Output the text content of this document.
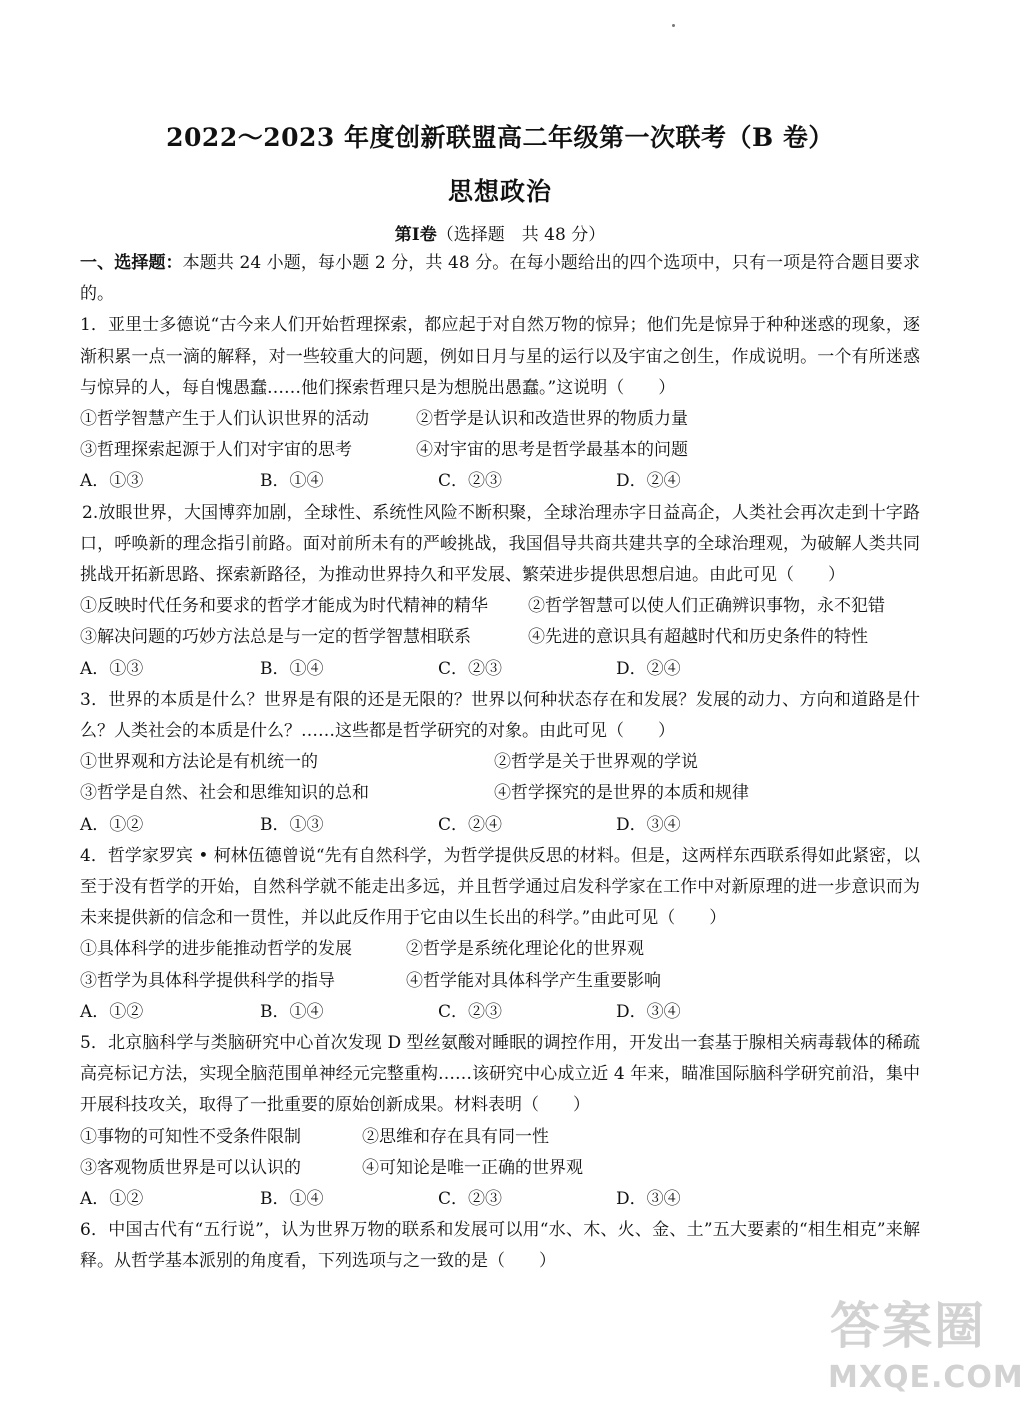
2022～2023 年度创新联盟高二年级第一次联考（B 卷）
思想政治
第Ⅰ卷（选择题　共 48 分）
一、选择题：本题共 24 小题，每小题 2 分，共 48 分。在每小题给出的四个选项中，只有一项是符合题目要求的。
1．亚里士多德说“古今来人们开始哲理探索，都应起于对自然万物的惊异；他们先是惊异于种种迷惑的现象，逐渐积累一点一滴的解释，对一些较重大的问题，例如日月与星的运行以及宇宙之创生，作成说明。一个有所迷惑与惊异的人，每自愧愚蠢……他们探索哲理只是为想脱出愚蠢。”这说明（　　）
①哲学智慧产生于人们认识世界的活动	②哲学是认识和改造世界的物质力量
③哲理探索起源于人们对宇宙的思考	④对宇宙的思考是哲学最基本的问题
A．①③	B．①④	C．②③	D．②④
2.放眼世界，大国博弈加剧，全球性、系统性风险不断积聚，全球治理赤字日益高企，人类社会再次走到十字路口，呼唤新的理念指引前路。面对前所未有的严峻挑战，我国倡导共商共建共享的全球治理观，为破解人类共同挑战开拓新思路、探索新路径，为推动世界持久和平发展、繁荣进步提供思想启迪。由此可见（　　）
①反映时代任务和要求的哲学才能成为时代精神的精华 ②哲学智慧可以使人们正确辨识事物，永不犯错
③解决问题的巧妙方法总是与一定的哲学智慧相联系	④先进的意识具有超越时代和历史条件的特性
A．①③	B．①④	C．②③	D．②④
3．世界的本质是什么？世界是有限的还是无限的？世界以何种状态存在和发展？发展的动力、方向和道路是什么？人类社会的本质是什么？……这些都是哲学研究的对象。由此可见（　　）
①世界观和方法论是有机统一的	②哲学是关于世界观的学说
③哲学是自然、社会和思维知识的总和	④哲学探究的是世界的本质和规律
A．①②	B．①③	C．②④	D．③④
4．哲学家罗宾 • 柯林伍德曾说“先有自然科学，为哲学提供反思的材料。但是，这两样东西联系得如此紧密，以至于没有哲学的开始，自然科学就不能走出多远，并且哲学通过启发科学家在工作中对新原理的进一步意识而为未来提供新的信念和一贯性，并以此反作用于它由以生长出的科学。”由此可见（　　）
①具体科学的进步能推动哲学的发展	②哲学是系统化理论化的世界观
③哲学为具体科学提供科学的指导	④哲学能对具体科学产生重要影响
A．①②	B．①④	C．②③	D．③④
5．北京脑科学与类脑研究中心首次发现 D 型丝氨酸对睡眠的调控作用，开发出一套基于腺相关病毒载体的稀疏高亮标记方法，实现全脑范围单神经元完整重构……该研究中心成立近 4 年来，瞄准国际脑科学研究前沿，集中开展科技攻关，取得了一批重要的原始创新成果。材料表明（　　）
①事物的可知性不受条件限制	②思维和存在具有同一性
③客观物质世界是可以认识的	④可知论是唯一正确的世界观
A．①②	B．①④	C．②③	D．③④
6．中国古代有“五行说”，认为世界万物的联系和发展可以用“水、木、火、金、土”五大要素的“相生相克”来解释。从哲学基本派别的角度看，下列选项与之一致的是（　　）
答案圈
MXQE.COM
